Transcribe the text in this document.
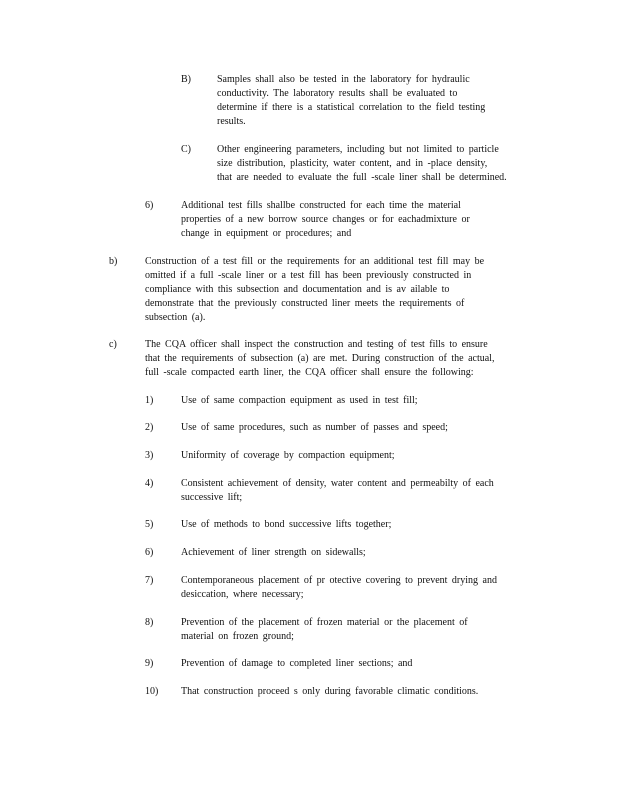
B)	Samples shall also be tested in the laboratory for hydraulic
conductivity. The laboratory results shall be evaluated to
determine if there is a statistical correlation to the field testing
results.
C)	Other engineering parameters, including but not limited to particle
size distribution, plasticity, water content, and in -place density,
that are needed to evaluate the full -scale liner shall be determined.
6)	Additional test fills shallbe constructed for each time the material
properties of a new borrow source changes or for eachadmixture or
change in equipment or procedures; and
b)	Construction of a test fill or the requirements for an additional test fill may be
omitted if a full -scale liner or a test fill has been previously constructed in
compliance with this subsection and documentation and is av ailable to
demonstrate that the previously constructed liner meets the requirements of
subsection (a).
c)	The CQA officer shall inspect the construction and testing of test fills to ensure
that the requirements of subsection (a) are met. During construction of the actual,
full -scale compacted earth liner, the CQA officer shall ensure the following:
1)	Use of same compaction equipment as used in test fill;
2)	Use of same procedures, such as number of passes and speed;
3)	Uniformity of coverage by compaction equipment;
4)	Consistent achievement of density, water content and permeabilty of each
successive lift;
5)	Use of methods to bond successive lifts together;
6)	Achievement of liner strength on sidewalls;
7)	Contemporaneous placement of pr otective covering to prevent drying and
desiccation, where necessary;
8)	Prevention of the placement of frozen material or the placement of
material on frozen ground;
9)	Prevention of damage to completed liner sections; and
10) That construction proceed s only during favorable climatic conditions.
